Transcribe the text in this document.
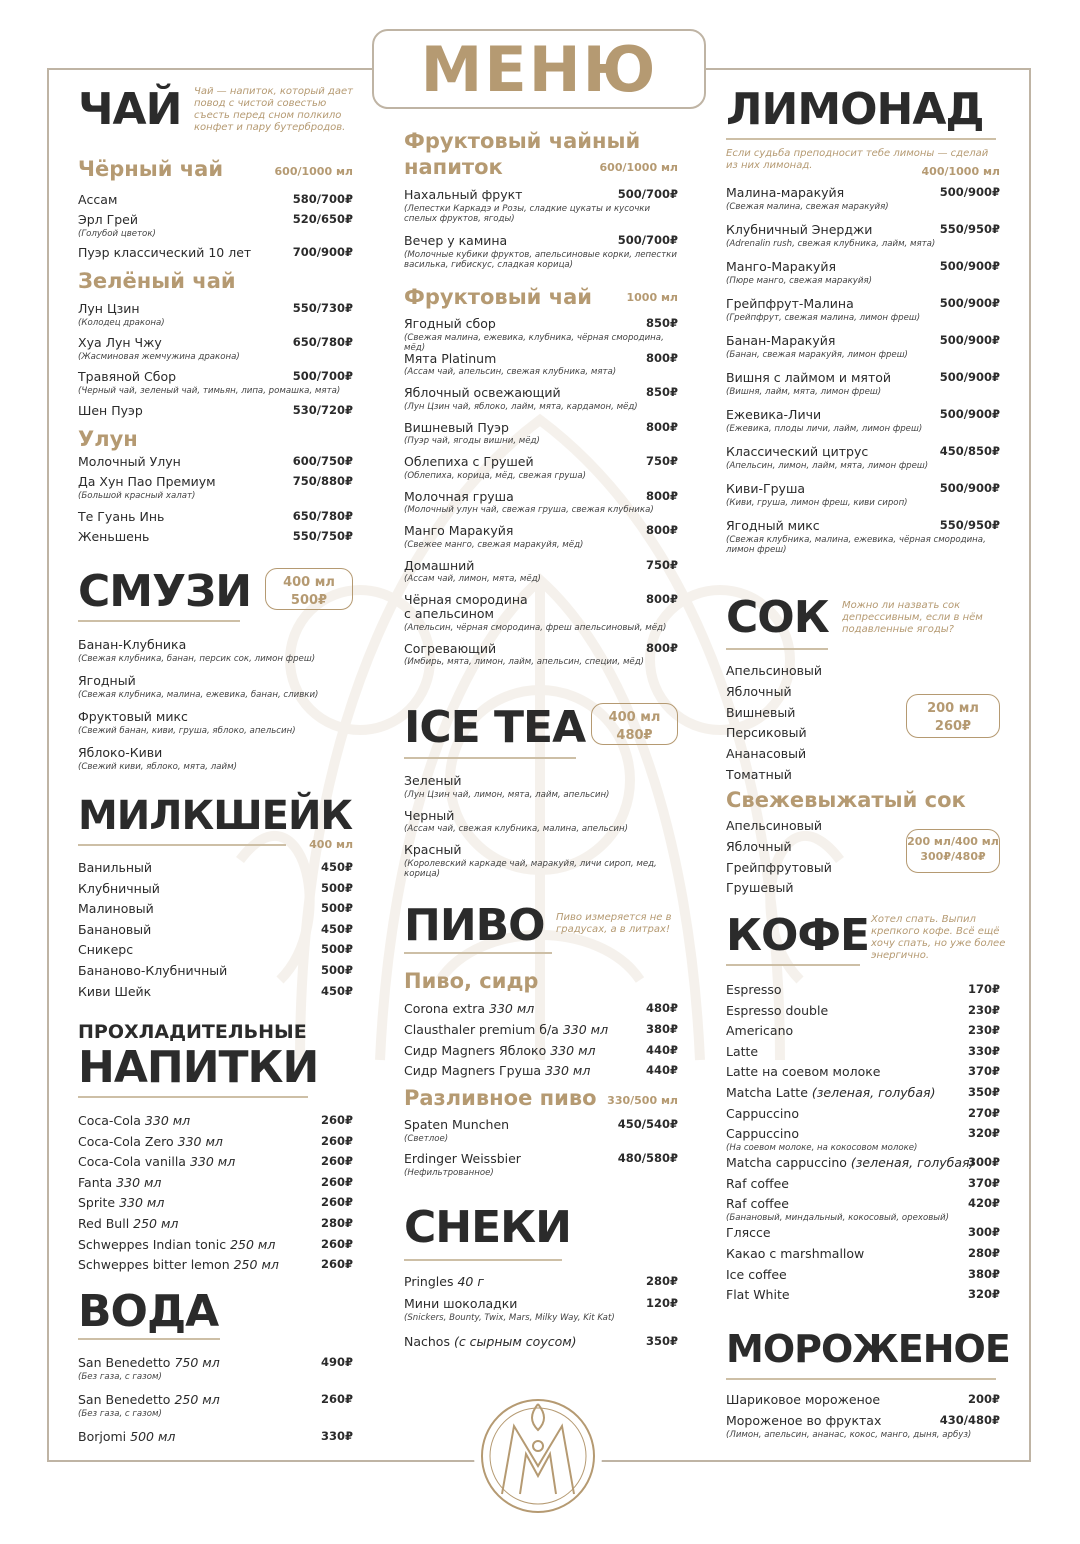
МЕНЮ
ЧАЙ Чай — напиток, который дает повод с чистой совестью съесть перед сном полкило конфет и пару бутербродов.
Чёрный чай	600/1000 мл
Ассам	580/700₽
Эрл Грей	520/650₽
(Голубой цветок)
Пуэр классический 10 лет	700/900₽
Зелёный чай
Лун Цзин	550/730₽
(Колодец дракона)
Хуа Лун Чжу	650/780₽
(Жасминовая жемчужина дракона)
Травяной Сбор	500/700₽
(Черный чай, зеленый чай, тимьян, липа, ромашка, мята)
Шен Пуэр	530/720₽
Улун
Молочный Улун	600/750₽
Да Хун Пао Премиум	750/880₽
(Большой красный халат)
Те Гуань Инь	650/780₽
Женьшень	550/750₽
СМУЗИ	400 мл
500₽
Банан-Клубника
(Свежая клубника, банан, персик сок, лимон фреш)
Ягодный
(Свежая клубника, малина, ежевика, банан, сливки)
Фруктовый микс
(Свежий банан, киви, груша, яблоко, апельсин)
Яблоко-Киви
(Свежий киви, яблоко, мята, лайм)
МИЛКШЕЙК
400 мл
Ванильный	450₽
Клубничный	500₽
Малиновый	500₽
Банановый	450₽
Сникерс	500₽
Бананово-Клубничный	500₽
Киви Шейк	450₽
ПРОХЛАДИТЕЛЬНЫЕ
НАПИТКИ
Coca-Cola 330 мл	260₽
Coca-Cola Zero 330 мл	260₽
Coca-Cola vanilla 330 мл	260₽
Fanta 330 мл	260₽
Sprite 330 мл	260₽
Red Bull 250 мл	280₽
Schweppes Indian tonic 250 мл	260₽
Schweppes bitter lemon 250 мл	260₽
ВОДА
San Benedetto 750 мл	490₽
(Без газа, с газом)
San Benedetto 250 мл	260₽
(Без газа, с газом)
Borjomi 500 мл	330₽
Фруктовый чайный
напиток	600/1000 мл
Нахальный фрукт	500/700₽
(Лепестки Каркадэ и Розы, сладкие цукаты и кусочки спелых фруктов, ягоды)
Вечер у камина	500/700₽
(Молочные кубики фруктов, апельсиновые корки, лепестки василька, гибискус, сладкая корица)
Фруктовый чай	1000 мл
Ягодный сбор	850₽
(Свежая малина, ежевика, клубника, чёрная смородина, мёд)
Мята Platinum	800₽
(Ассам чай, апельсин, свежая клубника, мята)
Яблочный освежающий	850₽
(Лун Цзин чай, яблоко, лайм, мята, кардамон, мёд)
Вишневый Пуэр	800₽
(Пуэр чай, ягоды вишни, мёд)
Облепиха с Грушей	750₽
(Облепиха, корица, мёд, свежая груша)
Молочная груша	800₽
(Молочный улун чай, свежая груша, свежая клубника)
Манго Маракуйя	800₽
(Свежее манго, свежая маракуйя, мёд)
Домашний	750₽
(Ассам чай, лимон, мята, мёд)
Чёрная смородина
с апельсином
800₽
(Апельсин, чёрная смородина, фреш апельсиновый, мёд)
Согревающий	800₽
(Имбирь, мята, лимон, лайм, апельсин, специи, мёд)
ICE TEA	400 мл
480₽
Зеленый
(Лун Цзин чай, лимон, мята, лайм, апельсин)
Черный
(Ассам чай, свежая клубника, малина, апельсин)
Красный
(Королевский каркаде чай, маракуйя, личи сироп, мед, корица)
ПИВО Пиво измеряется не в градусах, а в литрах!
Пиво, сидр
Corona extra 330 мл	480₽
Clausthaler premium б/а 330 мл	380₽
Сидр Magners Яблоко 330 мл	440₽
Сидр Magners Груша 330 мл	440₽
Разливное пиво 330/500 мл
Spaten Munchen	450/540₽
(Светлое)
Erdinger Weissbier	480/580₽
(Нефильтрованное)
СНЕКИ
Pringles 40 г	280₽
Мини шоколадки	120₽
(Snickers, Bounty, Twix, Mars, Milky Way, Kit Kat)
Nachos (с сырным соусом)	350₽
ЛИМОНАД
Если судьба преподносит тебе лимоны — сделай из них лимонад.	400/1000 мл
Малина-маракуйя	500/900₽
(Свежая малина, свежая маракуйя)
Клубничный Энерджи	550/950₽
(Adrenalin rush, свежая клубника, лайм, мята)
Манго-Маракуйя	500/900₽
(Пюре манго, свежая маракуйя)
Грейпфрут-Малина	500/900₽
(Грейпфрут, свежая малина, лимон фреш)
Банан-Маракуйя	500/900₽
(Банан, свежая маракуйя, лимон фреш)
Вишня с лаймом и мятой	500/900₽
(Вишня, лайм, мята, лимон фреш)
Ежевика-Личи	500/900₽
(Ежевика, плоды личи, лайм, лимон фреш)
Классический цитрус	450/850₽
(Апельсин, лимон, лайм, мята, лимон фреш)
Киви-Груша	500/900₽
(Киви, груша, лимон фреш, киви сироп)
Ягодный микс	550/950₽
(Свежая клубника, малина, ежевика, чёрная смородина, лимон фреш)
СОК Можно ли назвать сок депрессивным, если в нём подавленные ягоды?
200 мл
260₽
Апельсиновый
Яблочный
Вишневый
Персиковый
Ананасовый
Томатный
Свежевыжатый сок
200 мл/400 мл
300₽/480₽
Апельсиновый
Яблочный
Грейпфрутовый
Грушевый
КОФЕ Хотел спать. Выпил крепкого кофе. Всё ещё хочу спать, но уже более энергично.
Espresso	170₽
Espresso double	230₽
Americano	230₽
Latte	330₽
Latte на соевом молоке	370₽
Matcha Latte (зеленая, голубая)	350₽
Cappuccino	270₽
Cappuccino	320₽
(На соевом молоке, на кокосовом молоке)
Matcha cappuccino (зеленая, голубая)
300₽
Raf coffee	370₽
Raf coffee	420₽
(Банановый, миндальный, кокосовый, ореховый)
Гляссе	300₽
Какао с marshmallow	280₽
Ice coffee	380₽
Flat White	320₽
МОРОЖЕНОЕ
Шариковое мороженое	200₽
Мороженое во фруктах	430/480₽
(Лимон, апельсин, ананас, кокос, манго, дыня, арбуз)
